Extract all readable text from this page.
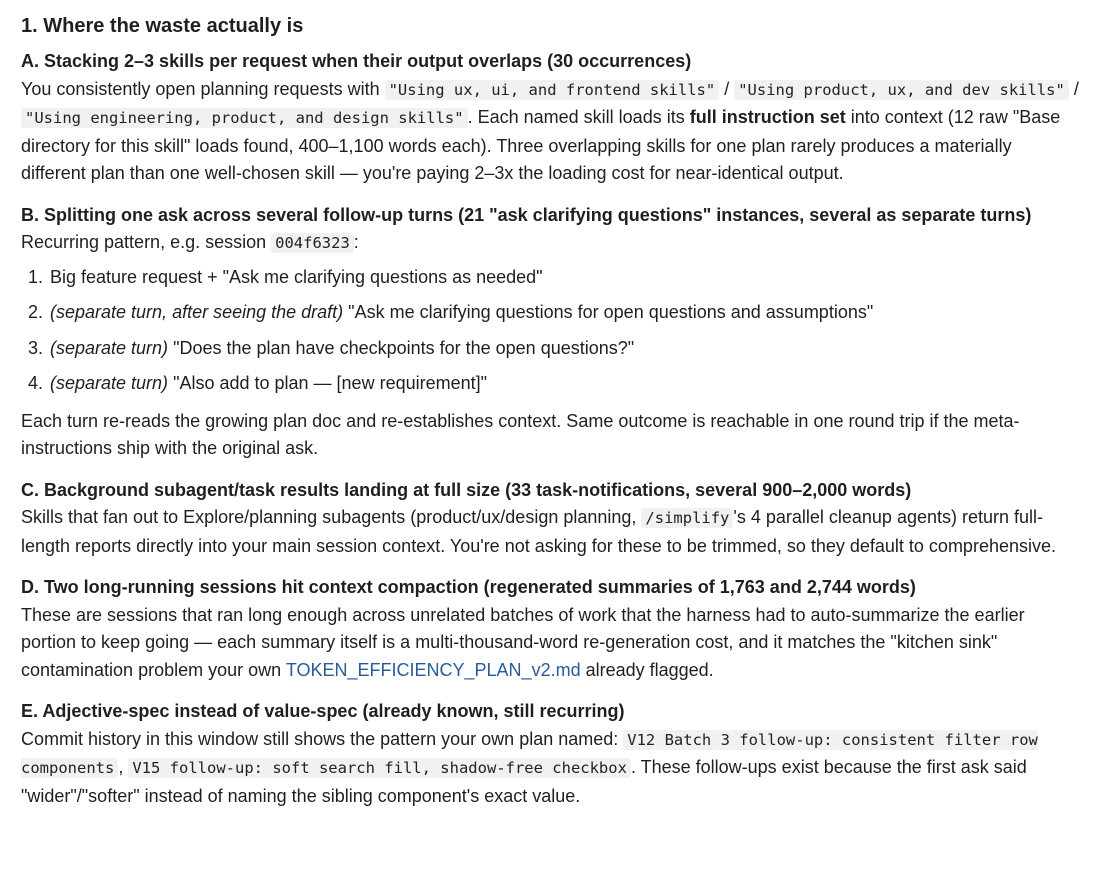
1. Where the waste actually is
A. Stacking 2–3 skills per request when their output overlaps (30 occurrences)

You consistently open planning requests with "Using ux, ui, and frontend skills" / "Using product, ux, and dev skills" / "Using engineering, product, and design skills" . Each named skill loads its full instruction set into context (12 raw "Base directory for this skill" loads found, 400–1,100 words each). Three overlapping skills for one plan rarely produces a materially different plan than one well-chosen skill — you're paying 2–3x the loading cost for near-identical output.

B. Splitting one ask across several follow-up turns (21 "ask clarifying questions" instances, several as separate turns)

Recurring pattern, e.g. session 004f6323 :

1. Big feature request + "Ask me clarifying questions as needed"
2. (separate turn, after seeing the draft) "Ask me clarifying questions for open questions and assumptions"
3. (separate turn) "Does the plan have checkpoints for the open questions?"
4. (separate turn) "Also add to plan — [new requirement]"

Each turn re-reads the growing plan doc and re-establishes context. Same outcome is reachable in one round trip if the meta-instructions ship with the original ask.

C. Background subagent/task results landing at full size (33 task-notifications, several 900–2,000 words)

Skills that fan out to Explore/planning subagents (product/ux/design planning, /simplify 's 4 parallel cleanup agents) return full-length reports directly into your main session context. You're not asking for these to be trimmed, so they default to comprehensive.

D. Two long-running sessions hit context compaction (regenerated summaries of 1,763 and 2,744 words)

These are sessions that ran long enough across unrelated batches of work that the harness had to auto-summarize the earlier portion to keep going — each summary itself is a multi-thousand-word re-generation cost, and it matches the "kitchen sink" contamination problem your own TOKEN_EFFICIENCY_PLAN_v2.md already flagged.

E. Adjective-spec instead of value-spec (already known, still recurring)

Commit history in this window still shows the pattern your own plan named: V12 Batch 3 follow-up: consistent filter row components , V15 follow-up: soft search fill, shadow-free checkbox . These follow-ups exist because the first ask said "wider"/"softer" instead of naming the sibling component's exact value.
